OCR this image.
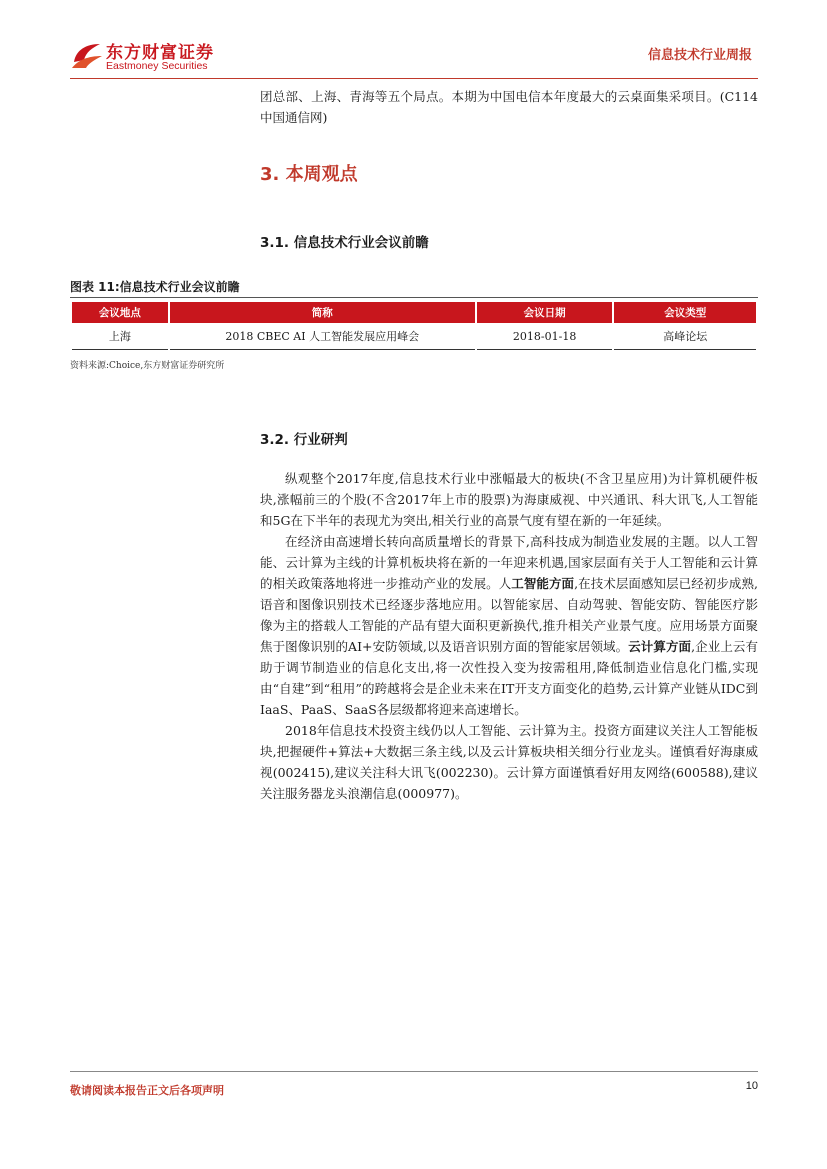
东方财富证券
Eastmoney Securities
信息技术行业周报

团总部、上海、青海等五个局点。本期为中国电信本年度最大的云桌面集采项目。(C114中国通信网)

3. 本周观点
3.1. 信息技术行业会议前瞻
图表 11:信息技术行业会议前瞻
会议地点	简称	会议日期	会议类型
上海	2018 CBEC AI 人工智能发展应用峰会	2018-01-18	高峰论坛
资料来源:Choice,东方财富证券研究所
3.2. 行业研判

纵观整个2017年度,信息技术行业中涨幅最大的板块(不含卫星应用)为计算机硬件板块,涨幅前三的个股(不含2017年上市的股票)为海康威视、中兴通讯、科大讯飞,人工智能和5G在下半年的表现尤为突出,相关行业的高景气度有望在新的一年延续。

在经济由高速增长转向高质量增长的背景下,高科技成为制造业发展的主题。以人工智能、云计算为主线的计算机板块将在新的一年迎来机遇,国家层面有关于人工智能和云计算的相关政策落地将进一步推动产业的发展。人工智能方面,在技术层面感知层已经初步成熟,语音和图像识别技术已经逐步落地应用。以智能家居、自动驾驶、智能安防、智能医疗影像为主的搭载人工智能的产品有望大面积更新换代,推升相关产业景气度。应用场景方面聚焦于图像识别的AI+安防领域,以及语音识别方面的智能家居领域。云计算方面,企业上云有助于调节制造业的信息化支出,将一次性投入变为按需租用,降低制造业信息化门槛,实现由“自建”到“租用”的跨越将会是企业未来在IT开支方面变化的趋势,云计算产业链从IDC到IaaS、PaaS、SaaS各层级都将迎来高速增长。

2018年信息技术投资主线仍以人工智能、云计算为主。投资方面建议关注人工智能板块,把握硬件+算法+大数据三条主线,以及云计算板块相关细分行业龙头。谨慎看好海康威视(002415),建议关注科大讯飞(002230)。云计算方面谨慎看好用友网络(600588),建议关注服务器龙头浪潮信息(000977)。

敬请阅读本报告正文后各项声明	10
